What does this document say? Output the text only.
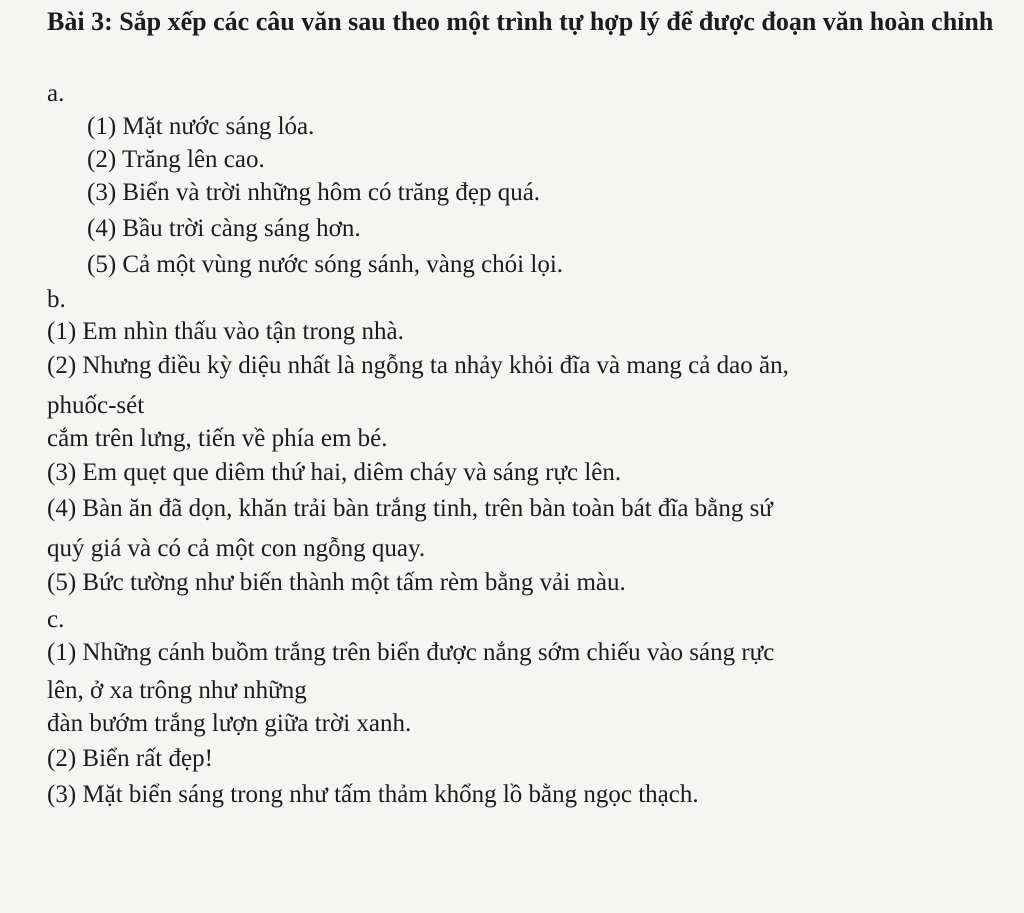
Bài 3: Sắp xếp các câu văn sau theo một trình tự hợp lý để được đoạn văn hoàn chỉnh
a.
(1) Mặt nước sáng lóa.
(2) Trăng lên cao.
(3) Biển và trời những hôm có trăng đẹp quá.
(4) Bầu trời càng sáng hơn.
(5) Cả một vùng nước sóng sánh, vàng chói lọi.
b.
(1) Em nhìn thấu vào tận trong nhà.
(2) Nhưng điều kỳ diệu nhất là ngỗng ta nhảy khỏi đĩa và mang cả dao ăn,
phuốc-sét
cắm trên lưng, tiến về phía em bé.
(3) Em quẹt que diêm thứ hai, diêm cháy và sáng rực lên.
(4) Bàn ăn đã dọn, khăn trải bàn trắng tinh, trên bàn toàn bát đĩa bằng sứ
quý giá và có cả một con ngỗng quay.
(5) Bức tường như biến thành một tấm rèm bằng vải màu.
c.
(1) Những cánh buồm trắng trên biển được nắng sớm chiếu vào sáng rực
lên, ở xa trông như những
đàn bướm trắng lượn giữa trời xanh.
(2) Biển rất đẹp!
(3) Mặt biển sáng trong như tấm thảm khổng lồ bằng ngọc thạch.
